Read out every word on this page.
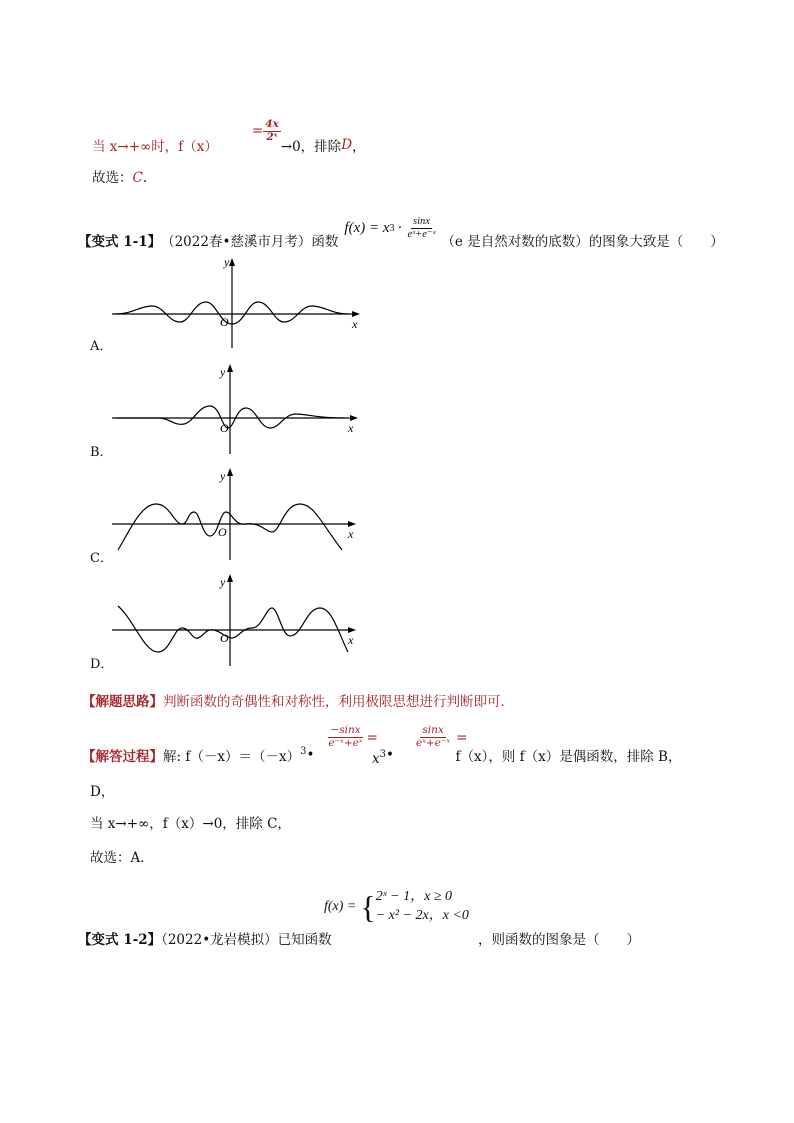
当 x→+∞时，f（x）
= $\frac{4x}{\text{2ˣ}}$
→0，排除 D ，
故选：C.
【变式 1-1】 （2022春•慈溪市月考）函数
f(x) = x $3 \cdot \frac{\sin x}{\text{eˣ+e⁻ˣ}}$
（e 是自然对数的底数）的图象大致是（　　）
y
x
O
A．
y
x
O
B．
y
x
O
C．
y
x
O
D．
【解题思路】判断函数的奇偶性和对称性，利用极限思想进行判断即可．
【解答过程】 解: $f(-x)=(-x)^3$ •
$\frac{-\sin x}{\text{e⁻ˣ+eˣ}}$ =
$x^3$ •
$\frac{\sin x}{\text{eˣ+e⁻ˣ}}$ =
f（x），则 f（x）是偶函数，排除 B，
D，
当 x→+∞，f（x）→0，排除 C，
故选：A．
f(x) = { 2ˣ − 1，x ≥ 0
− x² − 2x，x <0
【变式 1-2】（2022•龙岩模拟）已知函数	，则函数的图象是（　　）
